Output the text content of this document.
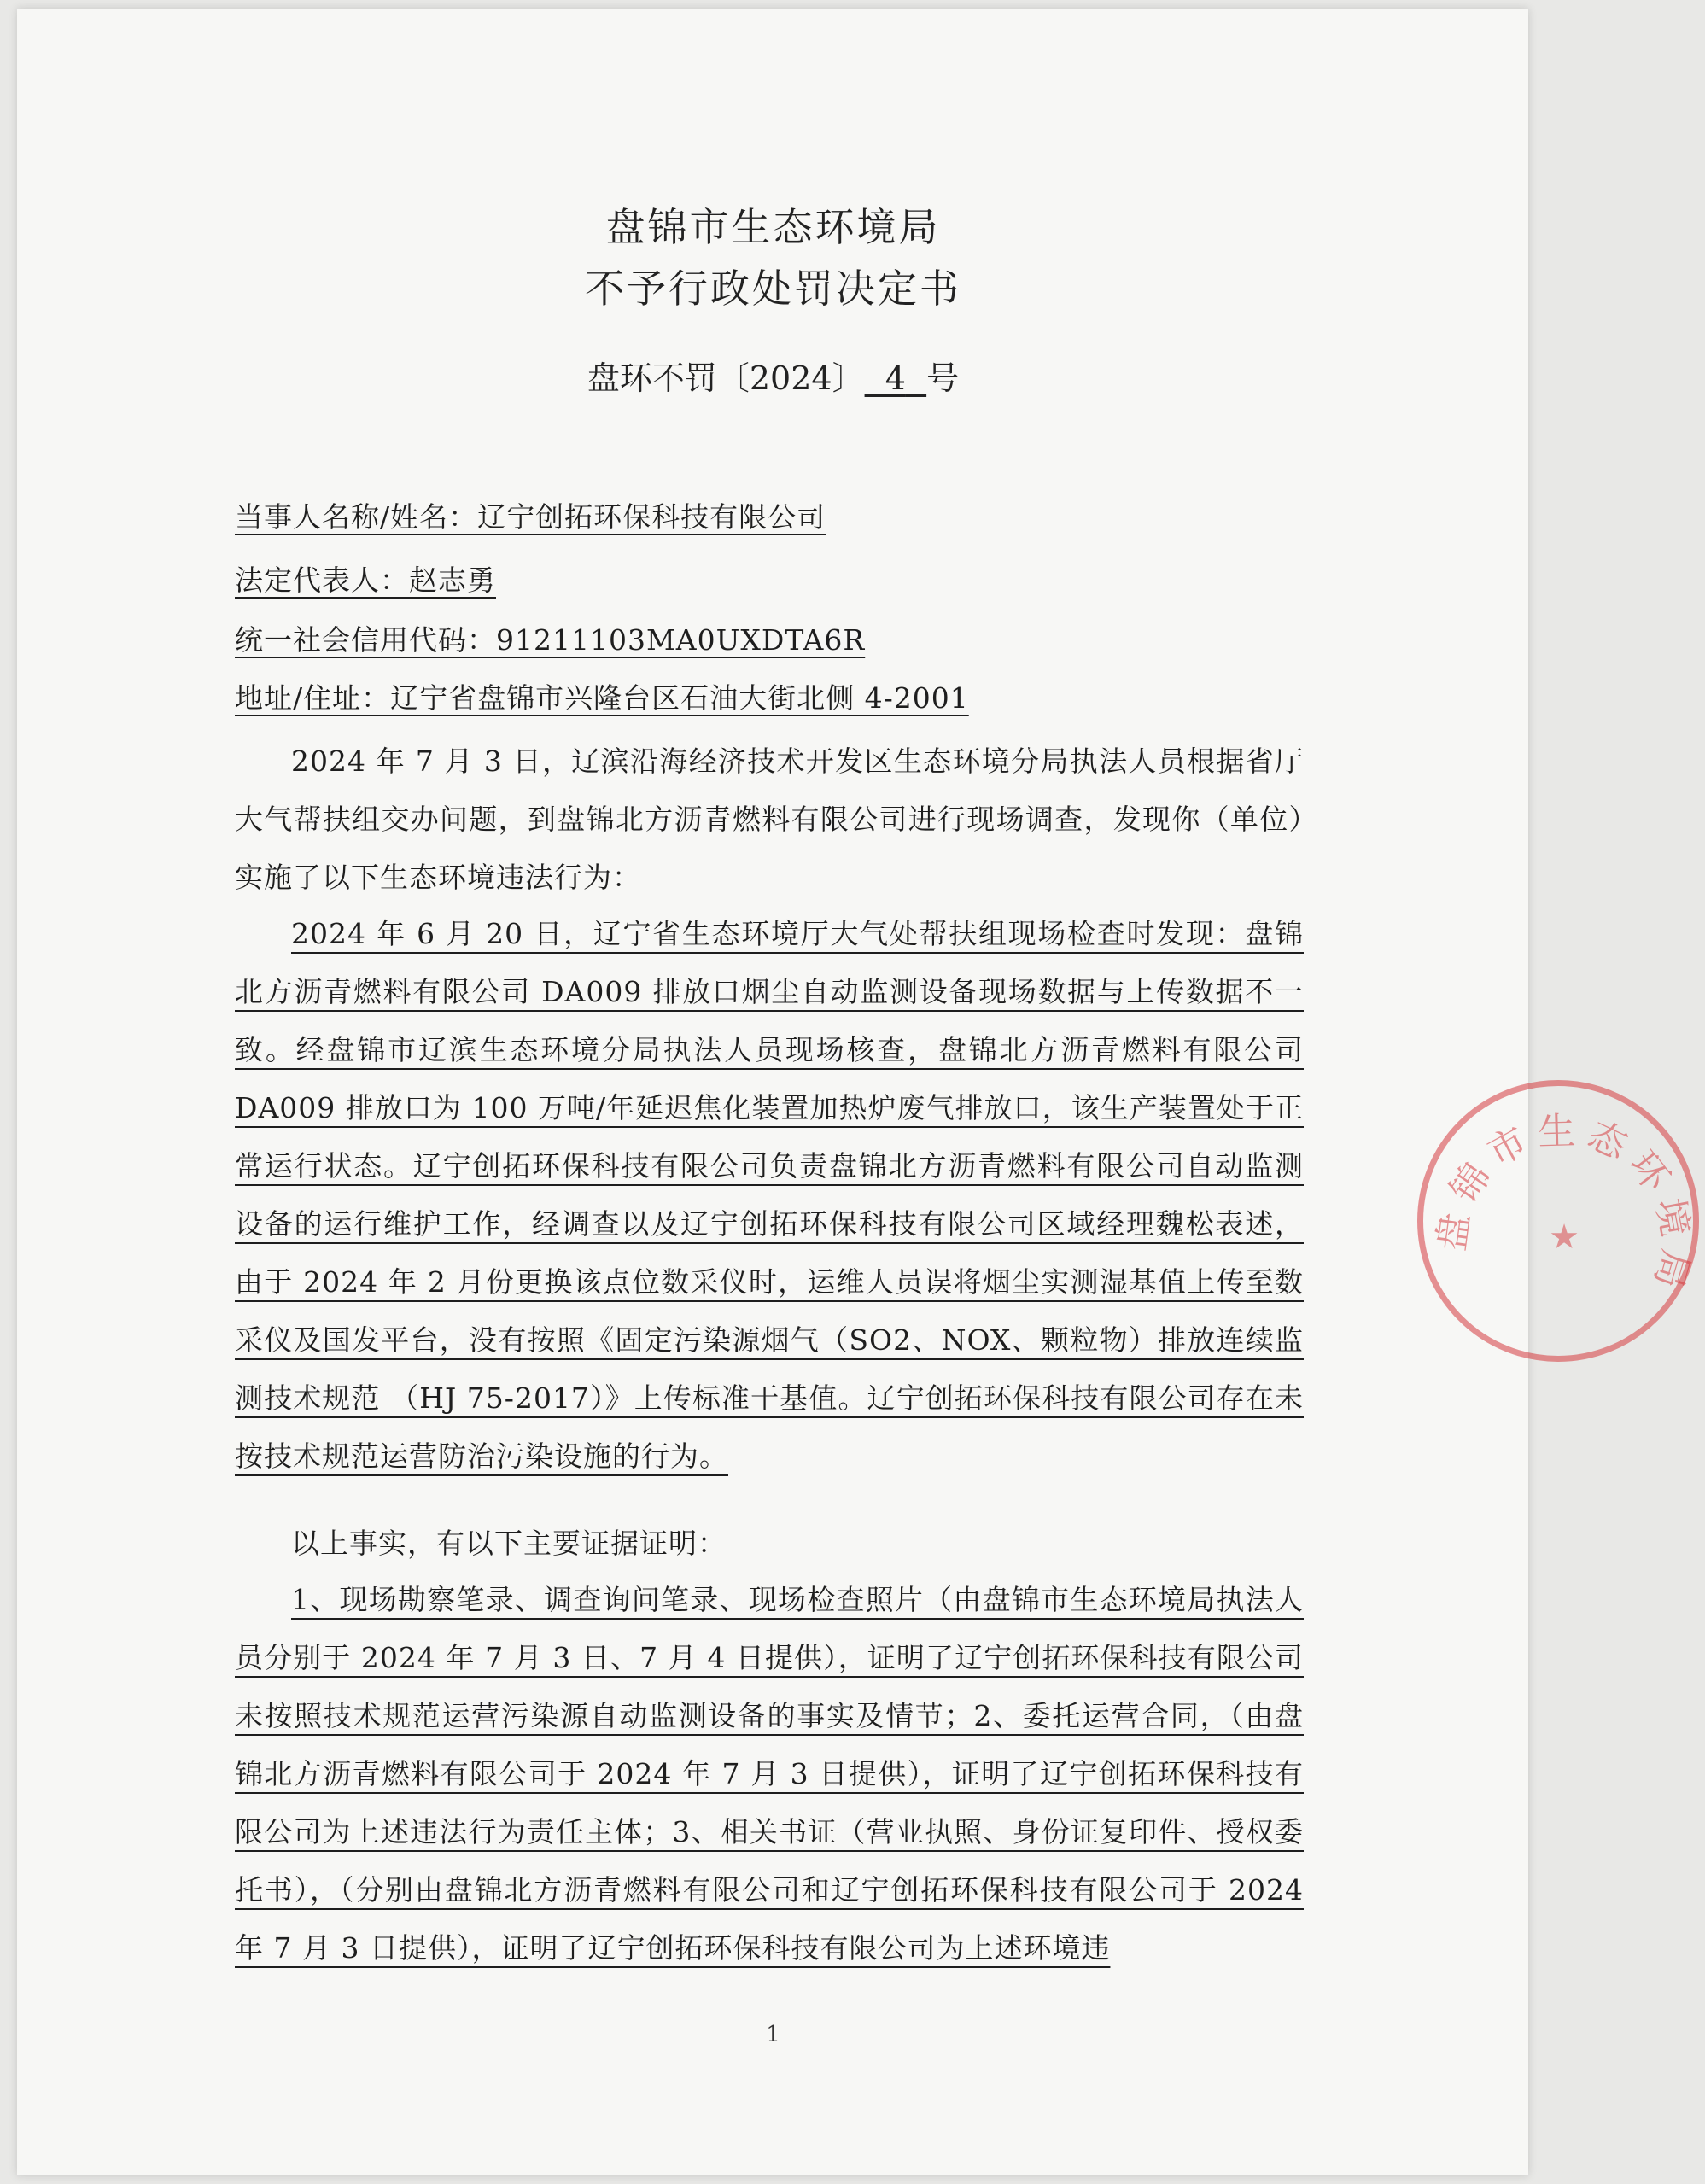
盘锦市生态环境局
不予行政处罚决定书
盘环不罚〔2024〕 4 号
当事人名称/姓名：辽宁创拓环保科技有限公司
法定代表人：赵志勇
统一社会信用代码：91211103MA0UXDTA6R
地址/住址：辽宁省盘锦市兴隆台区石油大街北侧 4-2001

2024 年 7 月 3 日，辽滨沿海经济技术开发区生态环境分局执法人员根据省厅大气帮扶组交办问题，到盘锦北方沥青燃料有限公司进行现场调查，发现你（单位）实施了以下生态环境违法行为：

2024 年 6 月 20 日，辽宁省生态环境厅大气处帮扶组现场检查时发现：盘锦北方沥青燃料有限公司 DA009 排放口烟尘自动监测设备现场数据与上传数据不一致。经盘锦市辽滨生态环境分局执法人员现场核查，盘锦北方沥青燃料有限公司 DA009 排放口为 100 万吨/年延迟焦化装置加热炉废气排放口，该生产装置处于正常运行状态。辽宁创拓环保科技有限公司负责盘锦北方沥青燃料有限公司自动监测设备的运行维护工作，经调查以及辽宁创拓环保科技有限公司区域经理魏松表述，由于 2024 年 2 月份更换该点位数采仪时，运维人员误将烟尘实测湿基值上传至数采仪及国发平台，没有按照《固定污染源烟气（SO2、NOX、颗粒物）排放连续监测技术规范 （HJ 75-2017）》上传标准干基值。辽宁创拓环保科技有限公司存在未按技术规范运营防治污染设施的行为。

以上事实，有以下主要证据证明：

1、现场勘察笔录、调查询问笔录、现场检查照片（由盘锦市生态环境局执法人员分别于 2024 年 7 月 3 日、7 月 4 日提供），证明了辽宁创拓环保科技有限公司未按照技术规范运营污染源自动监测设备的事实及情节；2、委托运营合同，（由盘锦北方沥青燃料有限公司于 2024 年 7 月 3 日提供），证明了辽宁创拓环保科技有限公司为上述违法行为责任主体；3、相关书证（营业执照、身份证复印件、授权委托书），（分别由盘锦北方沥青燃料有限公司和辽宁创拓环保科技有限公司于 2024 年 7 月 3 日提供），证明了辽宁创拓环保科技有限公司为上述环境违

1
盘锦市生态环境局
★
